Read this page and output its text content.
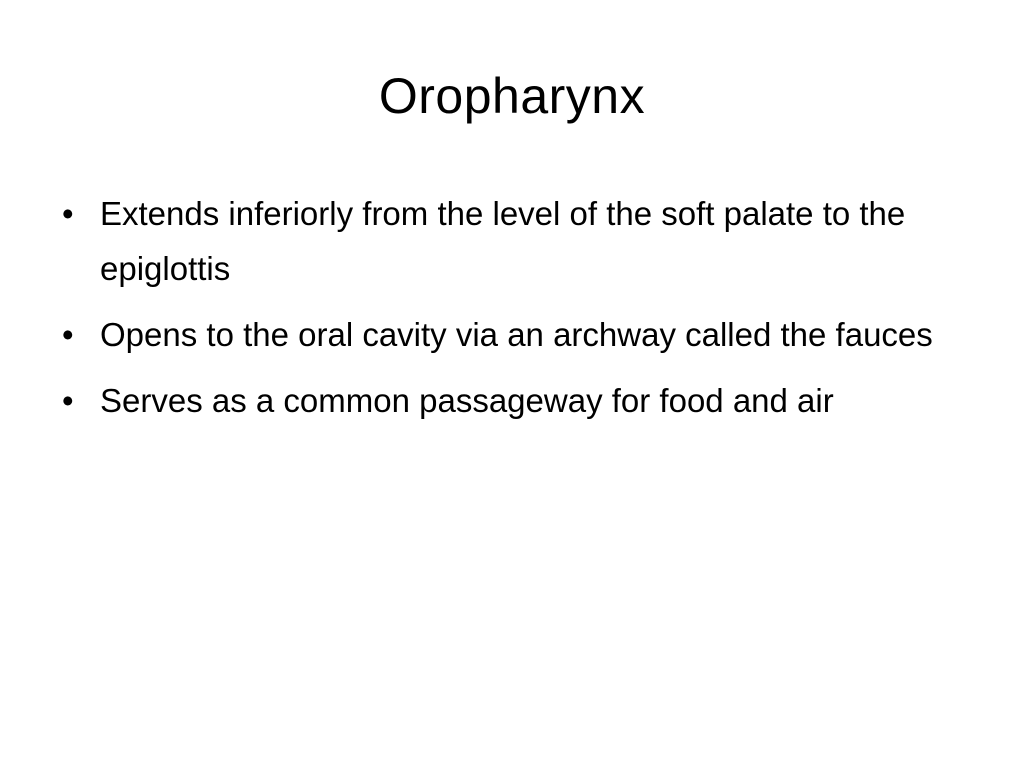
Oropharynx
• Extends inferiorly from the level of the soft palate to the epiglottis
• Opens to the oral cavity via an archway called the fauces
• Serves as a common passageway for food and air
